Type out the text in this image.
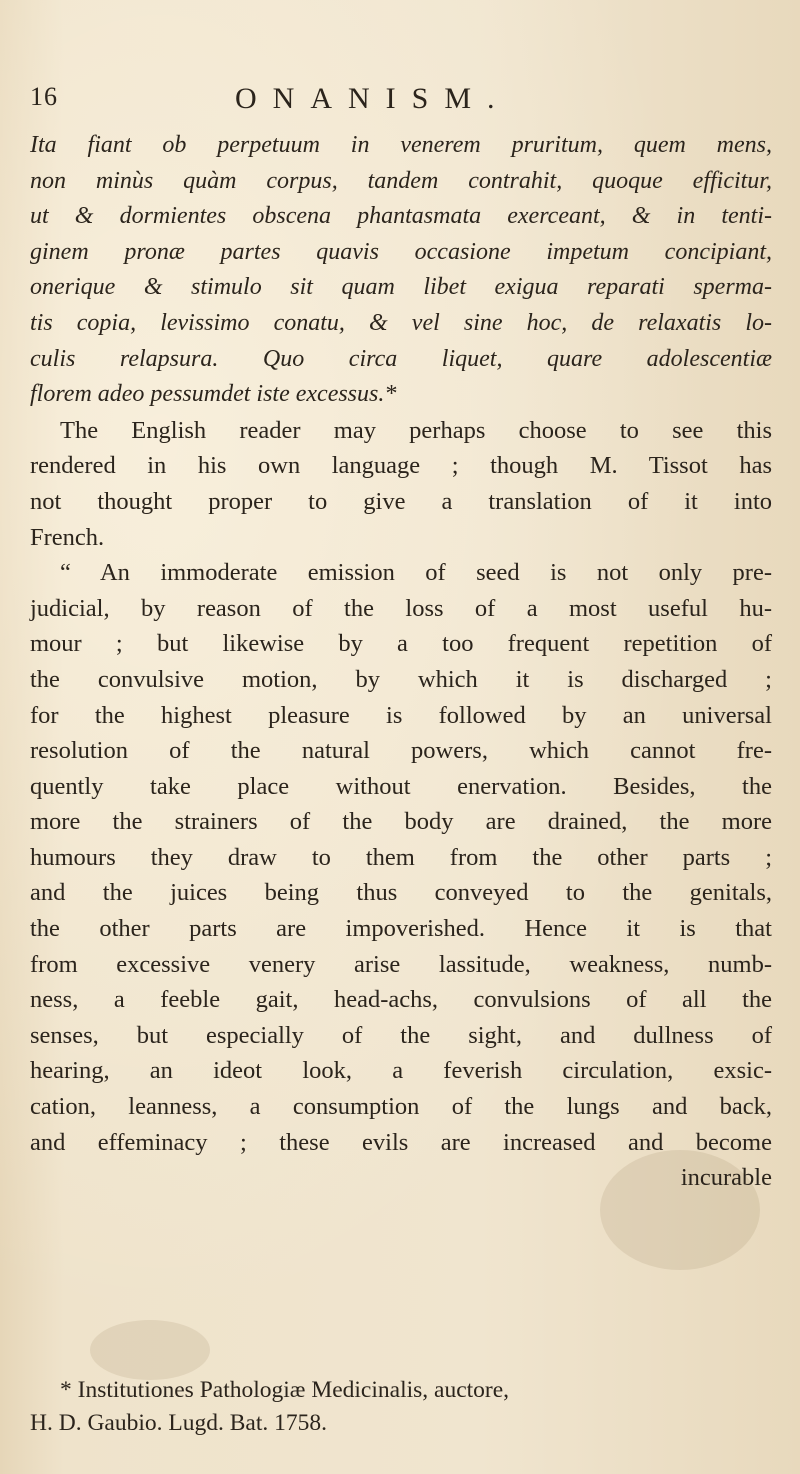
16	ONANISM.
Ita fiant ob perpetuum in venerem pruritum, quem mens,
non minùs quàm corpus, tandem contrahit, quoque efficitur,
ut & dormientes obscena phantasmata exerceant, & in tenti-
ginem pronæ partes quavis occasione impetum concipiant,
onerique & stimulo sit quam libet exigua reparati sperma-
tis copia, levissimo conatu, & vel sine hoc, de relaxatis lo-
culis relapsura. Quo circa liquet, quare adolescentiæ
florem adeo pessumdet iste excessus.*
The English reader may perhaps choose to see this
rendered in his own language ; though M. Tissot has
not thought proper to give a translation of it into
French.
“ An immoderate emission of seed is not only pre-
judicial, by reason of the loss of a most useful hu-
mour ; but likewise by a too frequent repetition of
the convulsive motion, by which it is discharged ;
for the highest pleasure is followed by an universal
resolution of the natural powers, which cannot fre-
quently take place without enervation. Besides, the
more the strainers of the body are drained, the more
humours they draw to them from the other parts ;
and the juices being thus conveyed to the genitals,
the other parts are impoverished. Hence it is that
from excessive venery arise lassitude, weakness, numb-
ness, a feeble gait, head-achs, convulsions of all the
senses, but especially of the sight, and dullness of
hearing, an ideot look, a feverish circulation, exsic-
cation, leanness, a consumption of the lungs and back,
and effeminacy ; these evils are increased and become
incurable
* Institutiones Pathologiæ Medicinalis, auctore,
H. D. Gaubio. Lugd. Bat. 1758.
